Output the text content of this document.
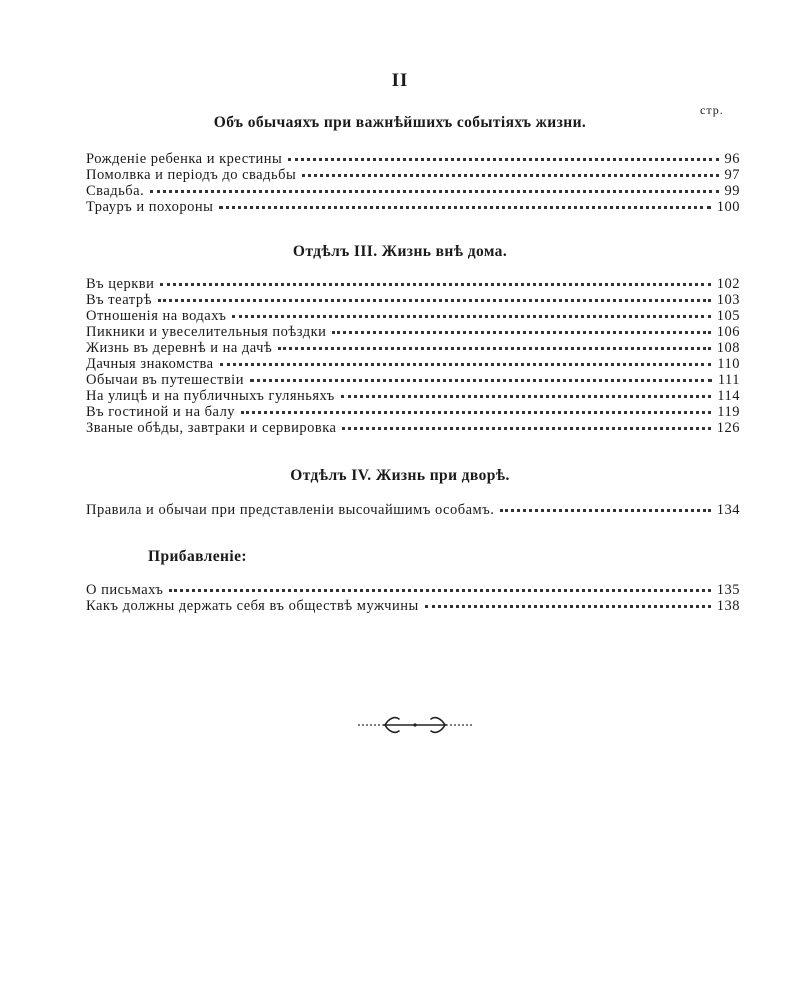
II
стр.
Объ обычаяхъ при важнѣйшихъ событіяхъ жизни.
Рожденіе ребенка и крестины	96
Помолвка и періодъ до свадьбы	97
Свадьба.	99
Трауръ и похороны	100
Отдѣлъ III. Жизнь внѣ дома.
Въ церкви	102
Въ театрѣ	103
Отношенія на водахъ	105
Пикники и увеселительныя поѣздки	106
Жизнь въ деревнѣ и на дачѣ	108
Дачныя знакомства	110
Обычаи въ путешествіи	111
На улицѣ и на публичныхъ гуляньяхъ	114
Въ гостиной и на балу	119
Званые обѣды, завтраки и сервировка	126
Отдѣлъ IV. Жизнь при дворѣ.
Правила и обычаи при представленіи высочайшимъ особамъ.	134
Прибавленіе:
О письмахъ	135
Какъ должны держать себя въ обществѣ мужчины	138
